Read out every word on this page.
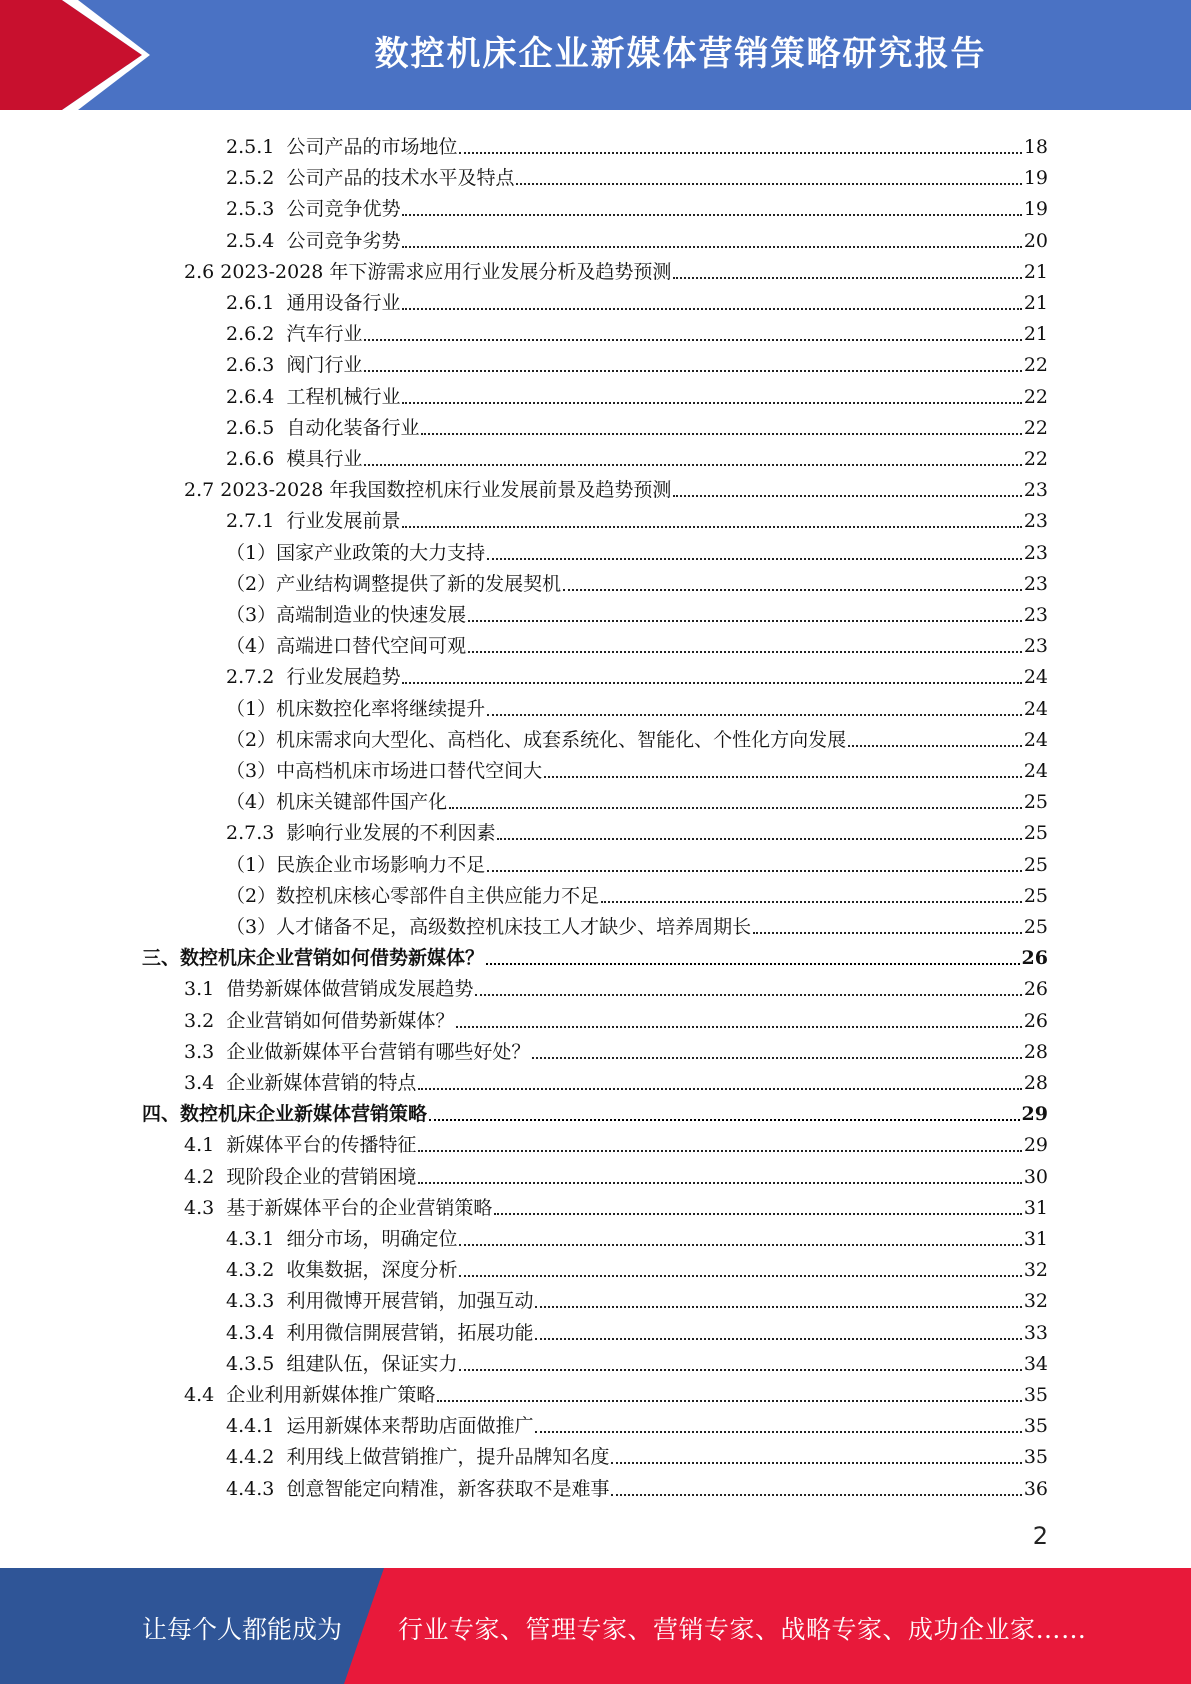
数控机床企业新媒体营销策略研究报告
2.5.1 公司产品的市场地位	18
2.5.2 公司产品的技术水平及特点	19
2.5.3 公司竞争优势	19
2.5.4 公司竞争劣势	20
2.6 2023-2028 年下游需求应用行业发展分析及趋势预测	21
2.6.1 通用设备行业	21
2.6.2 汽车行业	21
2.6.3 阀门行业	22
2.6.4 工程机械行业	22
2.6.5 自动化装备行业	22
2.6.6 模具行业	22
2.7 2023-2028 年我国数控机床行业发展前景及趋势预测	23
2.7.1 行业发展前景	23
（1）国家产业政策的大力支持	23
（2）产业结构调整提供了新的发展契机	23
（3）高端制造业的快速发展	23
（4）高端进口替代空间可观	23
2.7.2 行业发展趋势	24
（1）机床数控化率将继续提升	24
（2）机床需求向大型化、高档化、成套系统化、智能化、个性化方向发展	24
（3）中高档机床市场进口替代空间大	24
（4）机床关键部件国产化	25
2.7.3 影响行业发展的不利因素	25
（1）民族企业市场影响力不足	25
（2）数控机床核心零部件自主供应能力不足	25
（3）人才储备不足，高级数控机床技工人才缺少、培养周期长	25
三、数控机床企业营销如何借势新媒体？	26
3.1 借势新媒体做营销成发展趋势	26
3.2 企业营销如何借势新媒体？	26
3.3 企业做新媒体平台营销有哪些好处？	28
3.4 企业新媒体营销的特点	28
四、数控机床企业新媒体营销策略	29
4.1 新媒体平台的传播特征	29
4.2 现阶段企业的营销困境	30
4.3 基于新媒体平台的企业营销策略	31
4.3.1 细分市场，明确定位	31
4.3.2 收集数据，深度分析	32
4.3.3 利用微博开展营销，加强互动	32
4.3.4 利用微信開展营销，拓展功能	33
4.3.5 组建队伍，保证实力	34
4.4 企业利用新媒体推广策略	35
4.4.1 运用新媒体来帮助店面做推广	35
4.4.2 利用线上做营销推广，提升品牌知名度	35
4.4.3 创意智能定向精准，新客获取不是难事	36
2
让每个人都能成为 行业专家、管理专家、营销专家、战略专家、成功企业家……
